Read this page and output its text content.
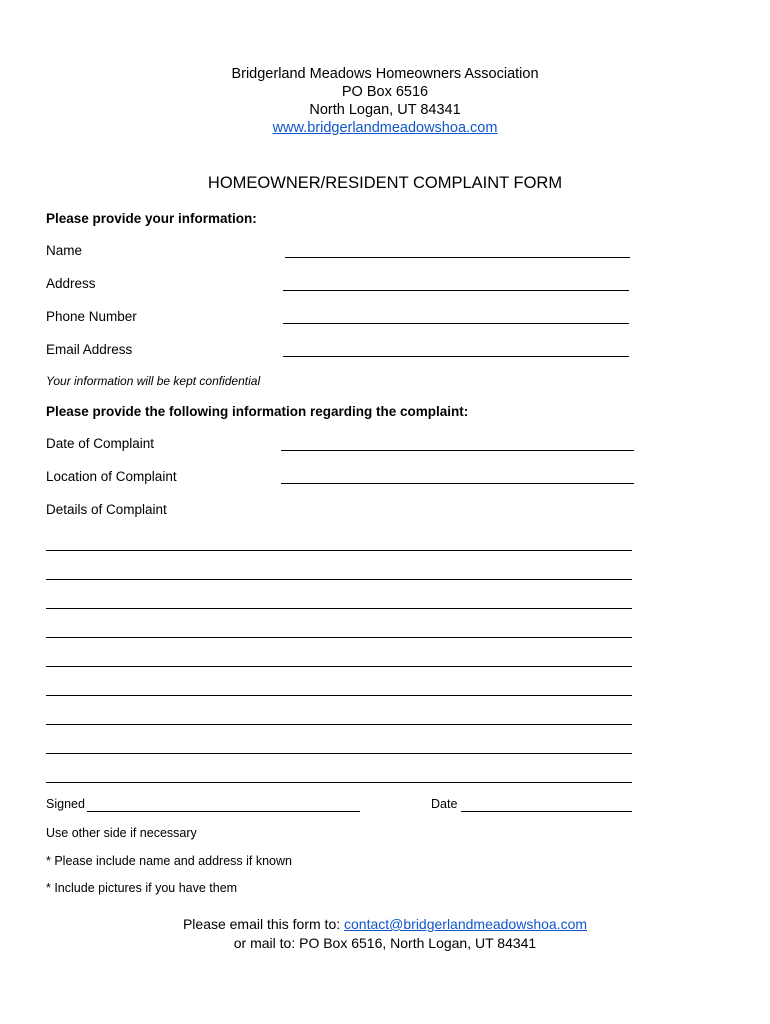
Bridgerland Meadows Homeowners Association
PO Box 6516
North Logan, UT 84341
www.bridgerlandmeadowshoa.com
HOMEOWNER/RESIDENT COMPLAINT FORM
Please provide your information:
Name
Address
Phone Number
Email Address
Your information will be kept confidential
Please provide the following information regarding the complaint:
Date of Complaint
Location of Complaint
Details of Complaint
Signed	Date
Use other side if necessary
* Please include name and address if known
* Include pictures if you have them
Please email this form to: contact@bridgerlandmeadowshoa.com
or mail to: PO Box 6516, North Logan, UT 84341
